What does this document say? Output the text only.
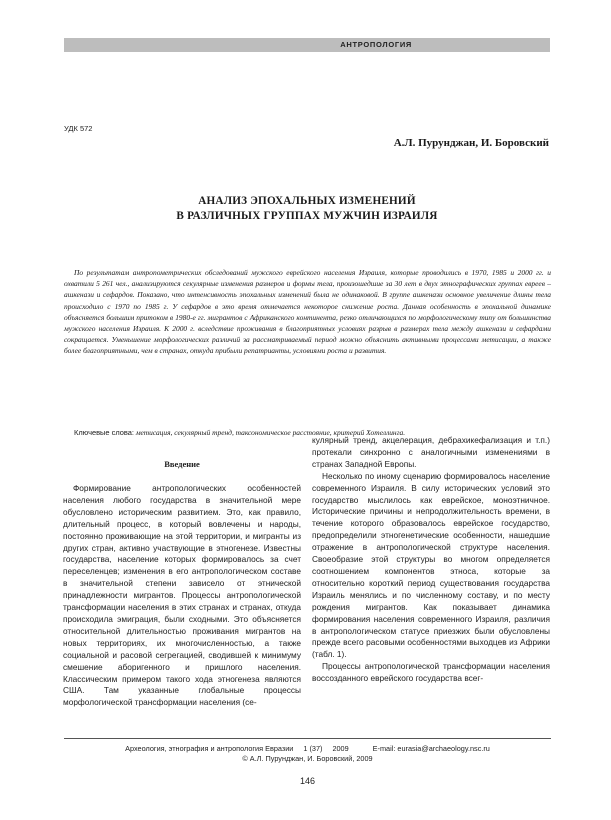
АНТРОПОЛОГИЯ
УДК 572
А.Л. Пурунджан, И. Боровский
АНАЛИЗ ЭПОХАЛЬНЫХ ИЗМЕНЕНИЙ
В РАЗЛИЧНЫХ ГРУППАХ МУЖЧИН ИЗРАИЛЯ

По результатам антропометрических обследований мужского еврейского населения Израиля, которые проводились в 1970, 1985 и 2000 гг. и охватили 5 261 чел., анализируются секулярные изменения размеров и формы тела, произошедшие за 30 лет в двух этнографических группах евреев – ашкенази и сефардов. Показано, что интенсивность эпохальных изменений была не одинаковой. В группе ашкенази основное увеличение длины тела происходило с 1970 по 1985 г. У сефардов в это время отмечается некоторое снижение роста. Данная особенность в эпохальной динамике объясняется большим притоком в 1980-е гг. мигрантов с Африканского континента, резко отличающихся по морфологическому типу от большинства мужского населения Израиля. К 2000 г. вследствие проживания в благоприятных условиях разрыв в размерах тела между ашкенази и сефардами сокращается. Уменьшение морфологических различий за рассматриваемый период можно объяснить активными процессами метисации, а также более благоприятными, чем в странах, откуда прибыли репатрианты, условиями роста и развития.

Ключевые слова: метисация, секулярный тренд, таксономическое расстояние, критерий Хотеллинга.
Введение

Формирование антропологических особенностей населения любого государства в значительной мере обусловлено историческим развитием. Это, как правило, длительный процесс, в который вовлечены и народы, постоянно проживающие на этой территории, и мигранты из других стран, активно участвующие в этногенезе. Известны государства, население которых формировалось за счет переселенцев; изменения в его антропологическом составе в значительной степени зависело от этнической принадлежности мигрантов. Процессы антропологической трансформации населения в этих странах и странах, откуда происходила эмиграция, были сходными. Это объясняется относительной длительностью проживания мигрантов на новых территориях, их многочисленностью, а также социальной и расовой сегрегацией, сводившей к минимуму смешение аборигенного и пришлого населения. Классическим примером такого хода этногенеза являются США. Там указанные глобальные процессы морфологической трансформации населения (се-

кулярный тренд, акцелерация, дебрахикефализация и т.п.) протекали синхронно с аналогичными изменениями в странах Западной Европы.

Несколько по иному сценарию формировалось население современного Израиля. В силу исторических условий это государство мыслилось как еврейское, моноэтничное. Исторические причины и непродолжительность времени, в течение которого образовалось еврейское государство, предопределили этногенетические особенности, нашедшие отражение в антропологической структуре населения. Своеобразие этой структуры во многом определяется соотношением компонентов этноса, которые за относительно короткий период существования государства Израиль менялись и по численному составу, и по месту рождения мигрантов. Как показывает динамика формирования населения современного Израиля, различия в антропологическом статусе приезжих были обусловлены прежде всего расовыми особенностями выходцев из Африки (табл. 1).

Процессы антропологической трансформации населения воссозданного еврейского государства всег-

Археология, этнография и антропология Евразии 1 (37) 2009	E-mail: eurasia@archaeology.nsc.ru
© А.Л. Пурунджан, И. Боровский, 2009
146
